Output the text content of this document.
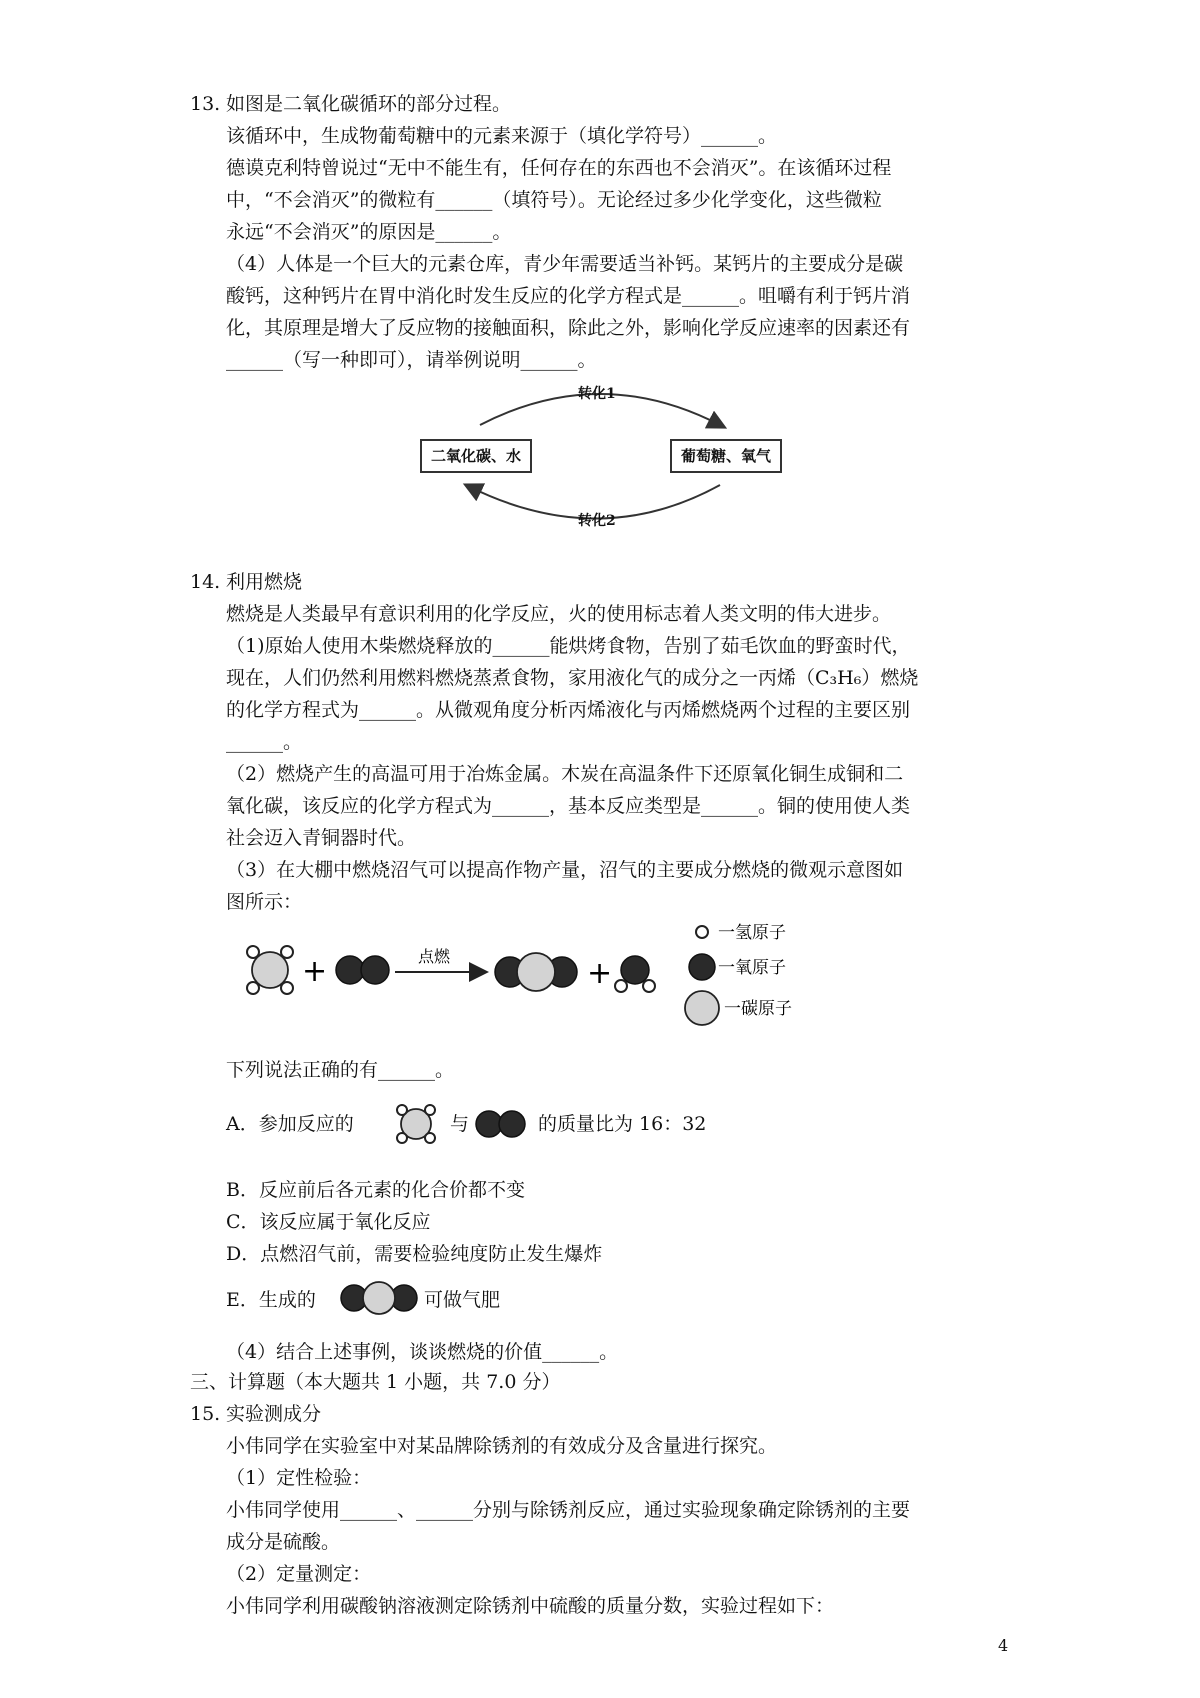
13. 如图是二氧化碳循环的部分过程。
该循环中，生成物葡萄糖中的元素来源于（填化学符号）______。
德谟克利特曾说过“无中不能生有，任何存在的东西也不会消灭”。在该循环过程
中，“不会消灭”的微粒有______（填符号）。无论经过多少化学变化，这些微粒
永远“不会消灭”的原因是______。
（4）人体是一个巨大的元素仓库，青少年需要适当补钙。某钙片的主要成分是碳
酸钙，这种钙片在胃中消化时发生反应的化学方程式是______。咀嚼有利于钙片消
化，其原理是增大了反应物的接触面积，除此之外，影响化学反应速率的因素还有
______（写一种即可），请举例说明______。
转化1
转化2
二氧化碳、水	葡萄糖、氧气
14. 利用燃烧
燃烧是人类最早有意识利用的化学反应，火的使用标志着人类文明的伟大进步。
（1)原始人使用木柴燃烧释放的______能烘烤食物，告别了茹毛饮血的野蛮时代，
现在，人们仍然利用燃料燃烧蒸煮食物，家用液化气的成分之一丙烯（C₃H₆）燃烧
的化学方程式为______。从微观角度分析丙烯液化与丙烯燃烧两个过程的主要区别
______。
（2）燃烧产生的高温可用于冶炼金属。木炭在高温条件下还原氧化铜生成铜和二
氧化碳，该反应的化学方程式为______，基本反应类型是______。铜的使用使人类
社会迈入青铜器时代。
（3）在大棚中燃烧沼气可以提高作物产量，沼气的主要成分燃烧的微观示意图如
图所示：
+	点燃	+
一氢原子
一氧原子
一碳原子
下列说法正确的有______。
A．参加反应的	与	的质量比为 16：32
B．反应前后各元素的化合价都不变
C．该反应属于氧化反应
D．点燃沼气前，需要检验纯度防止发生爆炸
E．生成的	可做气肥
（4）结合上述事例，谈谈燃烧的价值______。
三、计算题（本大题共 1 小题，共 7.0 分）
15. 实验测成分
小伟同学在实验室中对某品牌除锈剂的有效成分及含量进行探究。
（1）定性检验：
小伟同学使用______、______分别与除锈剂反应，通过实验现象确定除锈剂的主要
成分是硫酸。
（2）定量测定：
小伟同学利用碳酸钠溶液测定除锈剂中硫酸的质量分数，实验过程如下：
4
